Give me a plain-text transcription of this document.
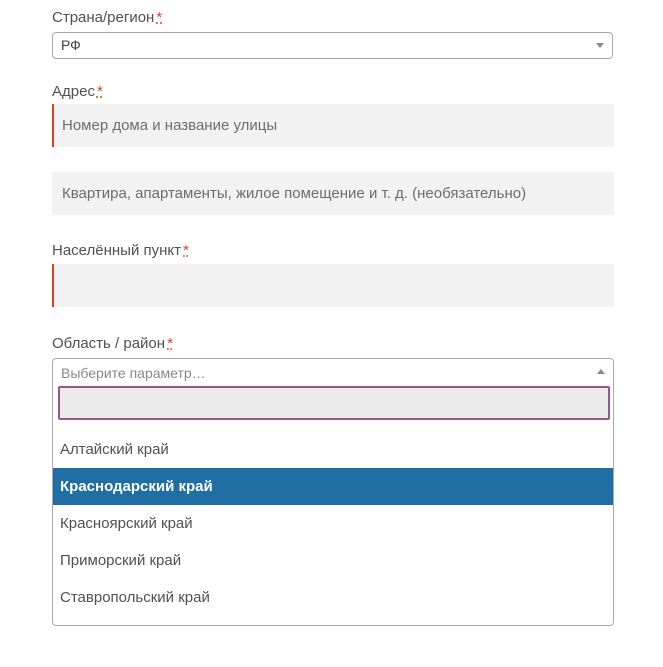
Страна/регион *
РФ
Адрес *
Номер дома и название улицы
Квартира, апартаменты, жилое помещение и т. д. (необязательно)
Населённый пункт *
Область / район *
Выберите параметр…
Алтайский край
Краснодарский край
Красноярский край
Приморский край
Ставропольский край
